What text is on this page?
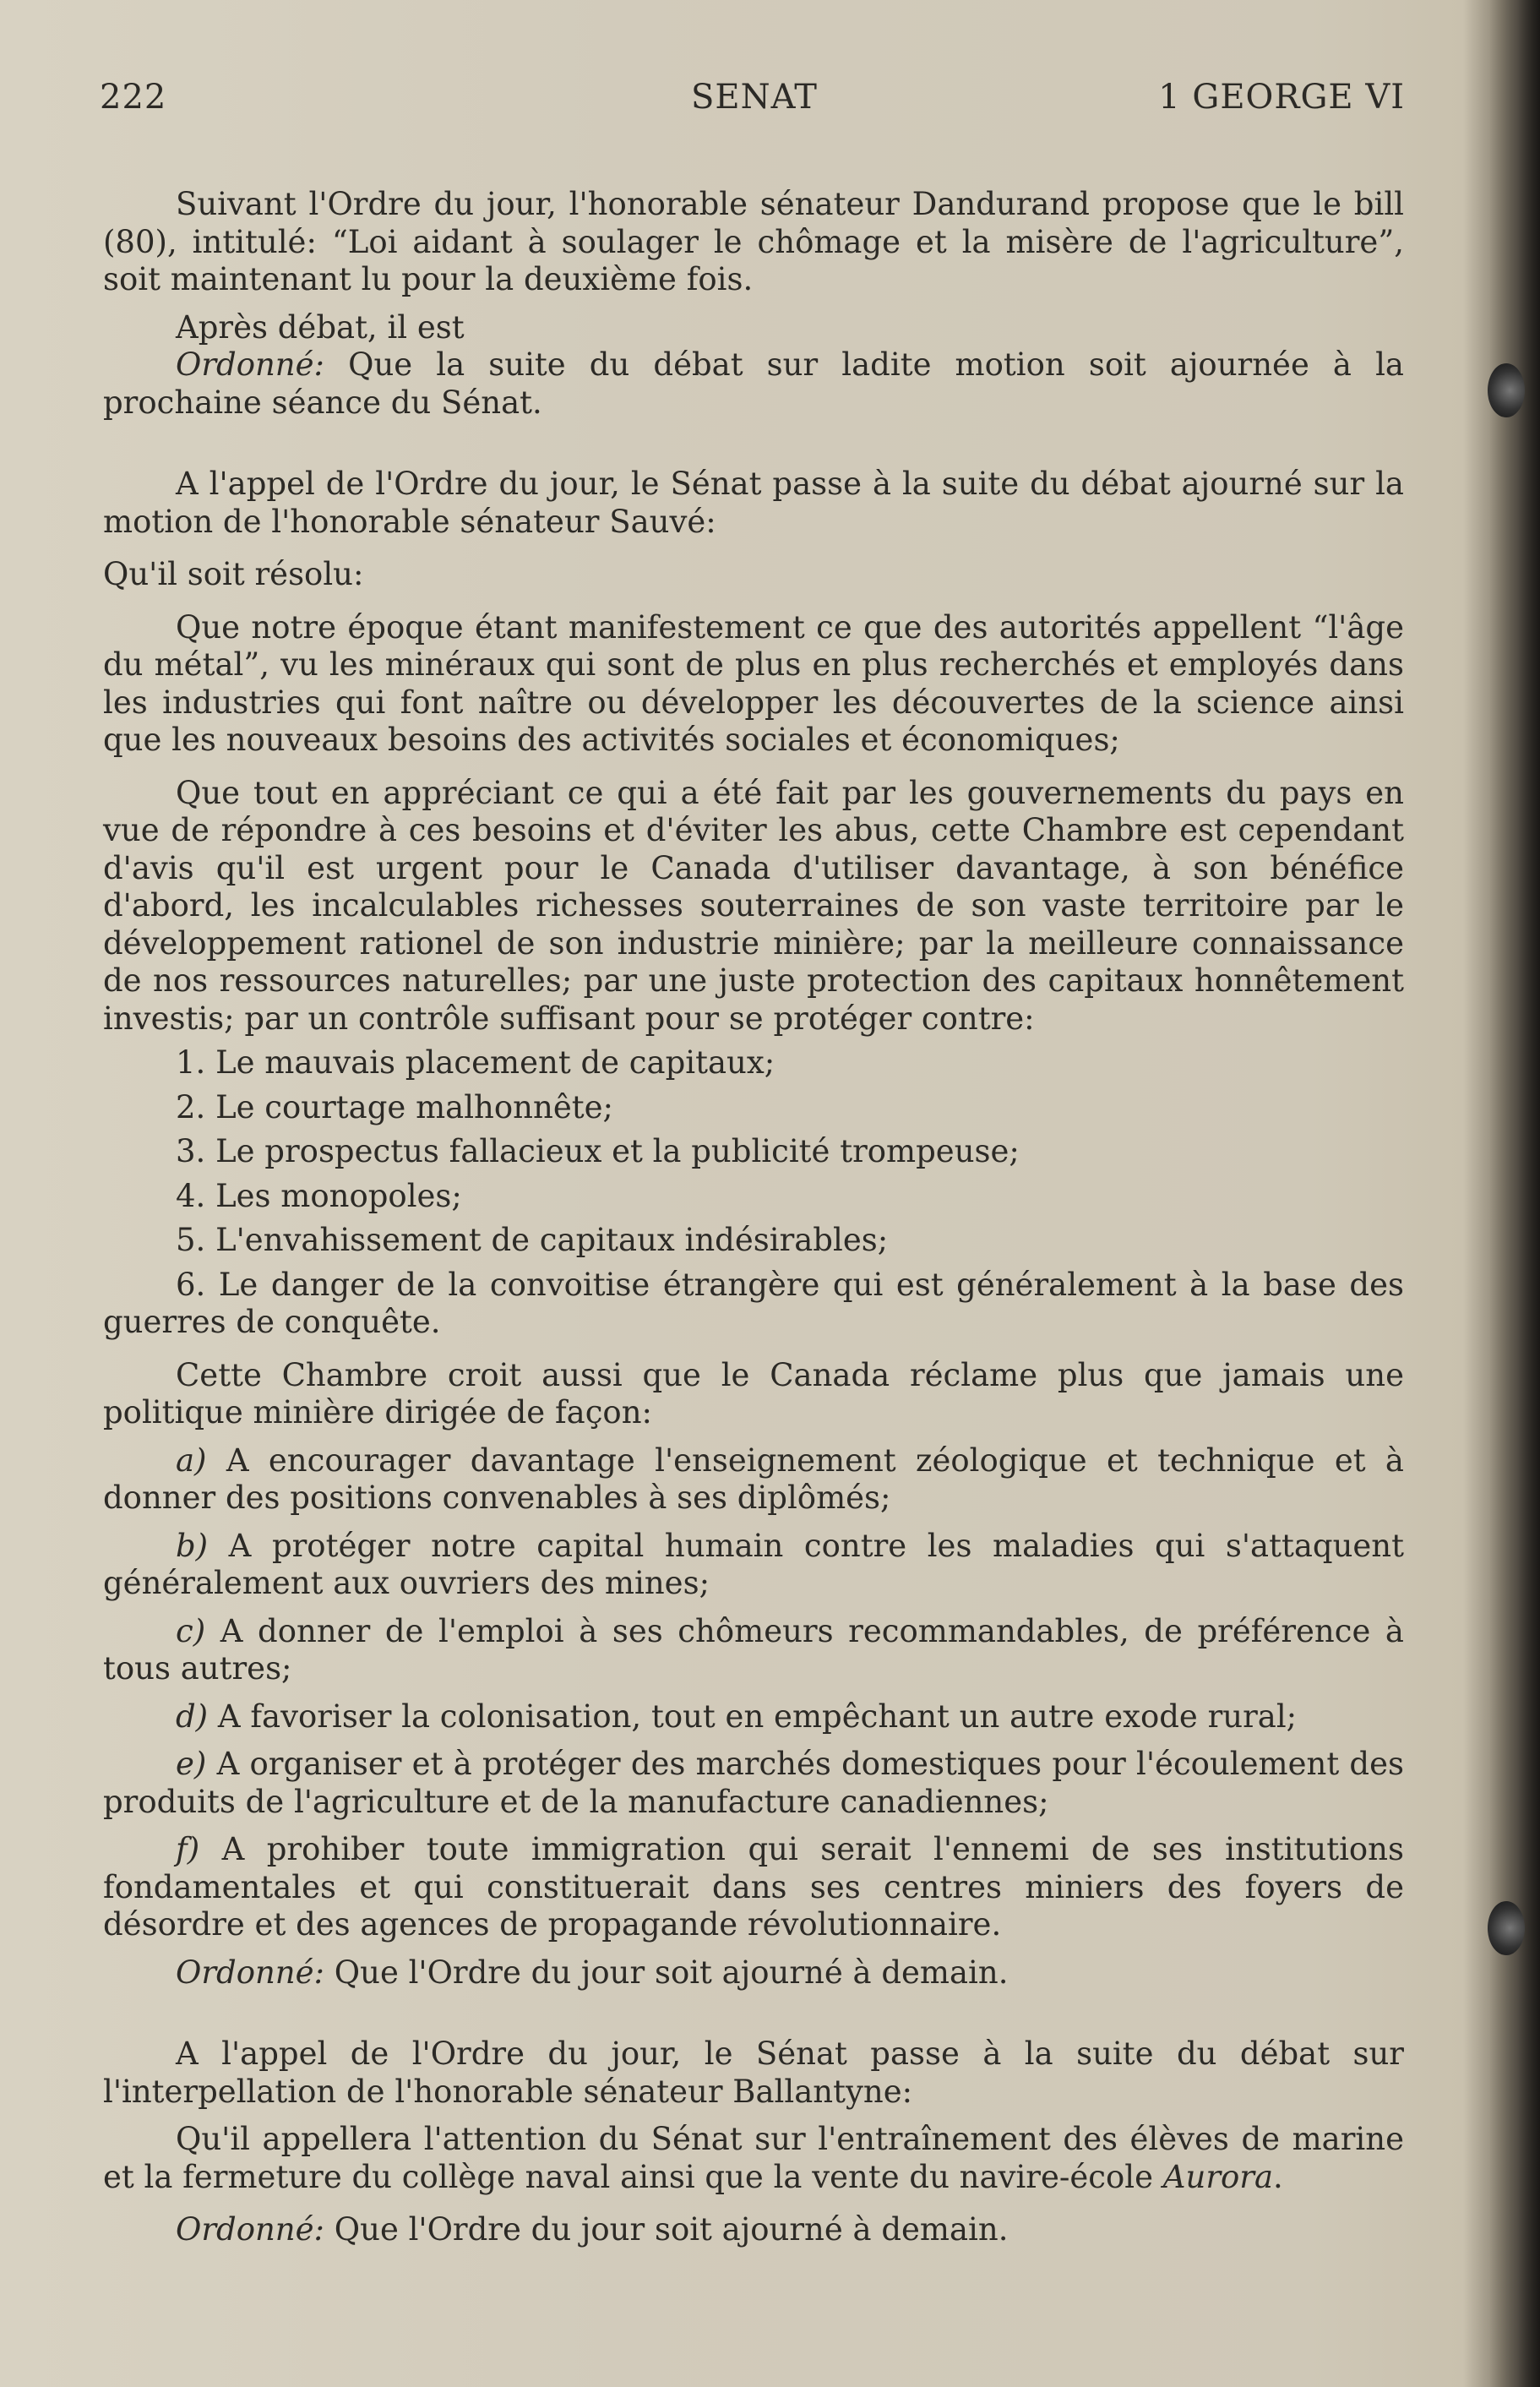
222	SENAT	1 GEORGE VI

Suivant l'Ordre du jour, l'honorable sénateur Dandurand propose que le bill (80), intitulé: “Loi aidant à soulager le chômage et la misère de l'agriculture”, soit maintenant lu pour la deuxième fois.

Après débat, il est

Ordonné: Que la suite du débat sur ladite motion soit ajournée à la prochaine séance du Sénat.

A l'appel de l'Ordre du jour, le Sénat passe à la suite du débat ajourné sur la motion de l'honorable sénateur Sauvé:

Qu'il soit résolu:

Que notre époque étant manifestement ce que des autorités appellent “l'âge du métal”, vu les minéraux qui sont de plus en plus recherchés et employés dans les industries qui font naître ou développer les découvertes de la science ainsi que les nouveaux besoins des activités sociales et économiques;

Que tout en appréciant ce qui a été fait par les gouvernements du pays en vue de répondre à ces besoins et d'éviter les abus, cette Chambre est cependant d'avis qu'il est urgent pour le Canada d'utiliser davantage, à son bénéfice d'abord, les incalculables richesses souterraines de son vaste territoire par le développement rationel de son industrie minière; par la meilleure connaissance de nos ressources naturelles; par une juste protection des capitaux honnêtement investis; par un contrôle suffisant pour se protéger contre:

1. Le mauvais placement de capitaux;

2. Le courtage malhonnête;

3. Le prospectus fallacieux et la publicité trompeuse;

4. Les monopoles;

5. L'envahissement de capitaux indésirables;

6. Le danger de la convoitise étrangère qui est généralement à la base des guerres de conquête.

Cette Chambre croit aussi que le Canada réclame plus que jamais une politique minière dirigée de façon:

a) A encourager davantage l'enseignement zéologique et technique et à donner des positions convenables à ses diplômés;

b) A protéger notre capital humain contre les maladies qui s'attaquent généralement aux ouvriers des mines;

c) A donner de l'emploi à ses chômeurs recommandables, de préférence à tous autres;

d) A favoriser la colonisation, tout en empêchant un autre exode rural;

e) A organiser et à protéger des marchés domestiques pour l'écoulement des produits de l'agriculture et de la manufacture canadiennes;

f) A prohiber toute immigration qui serait l'ennemi de ses institutions fondamentales et qui constituerait dans ses centres miniers des foyers de désordre et des agences de propagande révolutionnaire.

Ordonné: Que l'Ordre du jour soit ajourné à demain.

A l'appel de l'Ordre du jour, le Sénat passe à la suite du débat sur l'interpellation de l'honorable sénateur Ballantyne:

Qu'il appellera l'attention du Sénat sur l'entraînement des élèves de marine et la fermeture du collège naval ainsi que la vente du navire-école Aurora.

Ordonné: Que l'Ordre du jour soit ajourné à demain.
